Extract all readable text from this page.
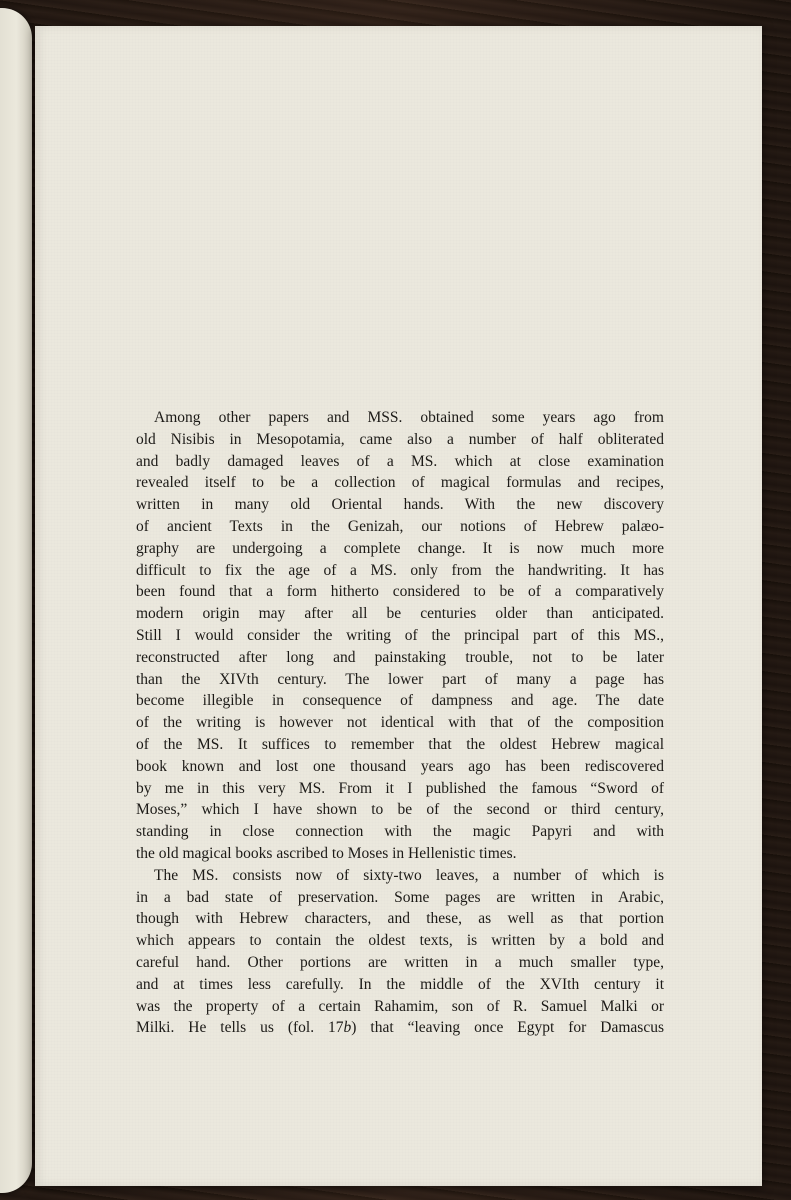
Among other papers and MSS. obtained some years ago from
old Nisibis in Mesopotamia, came also a number of half obliterated
and badly damaged leaves of a MS. which at close examination
revealed itself to be a collection of magical formulas and recipes,
written in many old Oriental hands. With the new discovery
of ancient Texts in the Genizah, our notions of Hebrew palæo-
graphy are undergoing a complete change. It is now much more
difficult to fix the age of a MS. only from the handwriting. It has
been found that a form hitherto considered to be of a comparatively
modern origin may after all be centuries older than anticipated.
Still I would consider the writing of the principal part of this MS.,
reconstructed after long and painstaking trouble, not to be later
than the XIVth century. The lower part of many a page has
become illegible in consequence of dampness and age. The date
of the writing is however not identical with that of the composition
of the MS. It suffices to remember that the oldest Hebrew magical
book known and lost one thousand years ago has been rediscovered
by me in this very MS. From it I published the famous “Sword of
Moses,” which I have shown to be of the second or third century,
standing in close connection with the magic Papyri and with
the old magical books ascribed to Moses in Hellenistic times.
The MS. consists now of sixty-two leaves, a number of which is
in a bad state of preservation. Some pages are written in Arabic,
though with Hebrew characters, and these, as well as that portion
which appears to contain the oldest texts, is written by a bold and
careful hand. Other portions are written in a much smaller type,
and at times less carefully. In the middle of the XVIth century it
was the property of a certain Rahamim, son of R. Samuel Malki or
Milki. He tells us (fol. 17b) that “leaving once Egypt for Damascus
